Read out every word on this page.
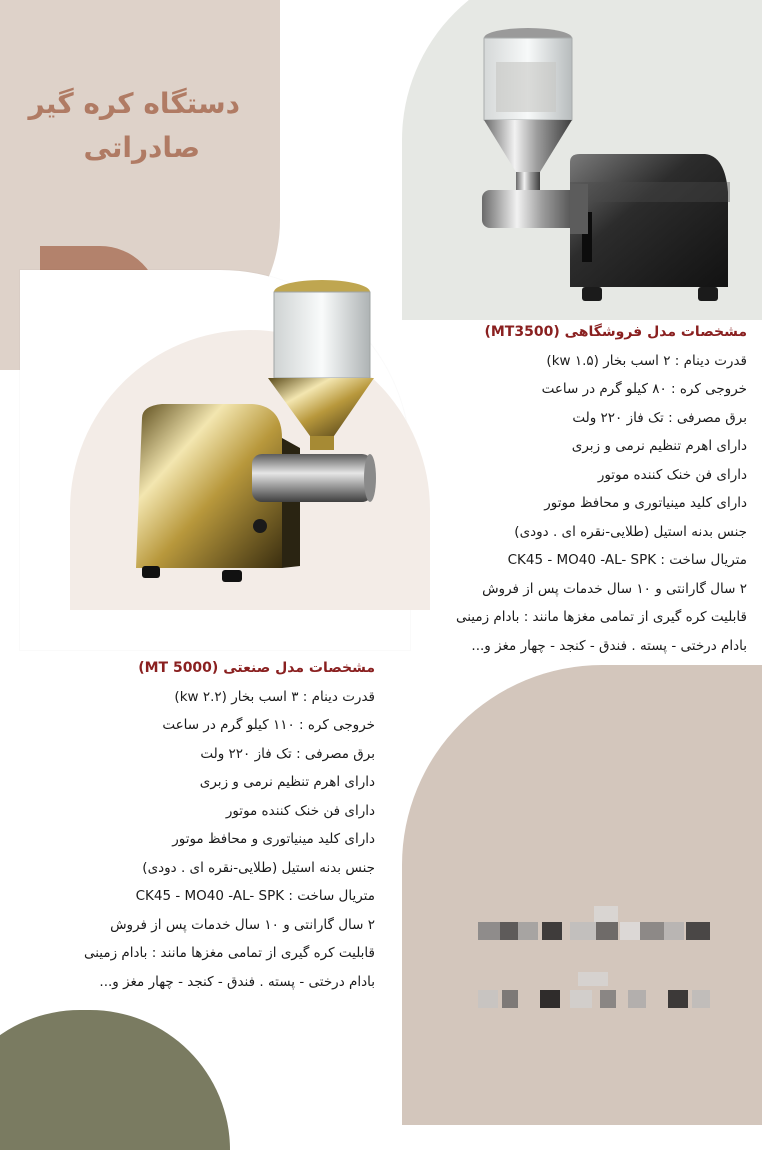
دستگاه کره گیر
صادراتی
مشخصات مدل فروشگاهی (MT3500)
قدرت دینام : ۲ اسب بخار (kw ۱.۵)
خروجی کره : ۸۰ کیلو گرم در ساعت
برق مصرفی : تک فاز ۲۲۰ ولت
دارای اهرم تنظیم نرمی و زبری
دارای فن خنک کننده موتور
دارای کلید مینیاتوری و محافظ موتور
جنس بدنه استیل (طلایی-نقره ای . دودی)
متریال ساخت : CK45 - MO40 -AL- SPK
۲ سال گارانتی و ۱۰ سال خدمات پس از فروش
قابلیت کره گیری از تمامی مغزها مانند : بادام زمینی
بادام درختی - پسته . فندق - کنجد - چهار مغز و...
مشخصات مدل صنعتی (MT 5000)
قدرت دینام : ۳ اسب بخار (kw ۲.۲)
خروجی کره : ۱۱۰ کیلو گرم در ساعت
برق مصرفی : تک فاز ۲۲۰ ولت
دارای اهرم تنظیم نرمی و زبری
دارای فن خنک کننده موتور
دارای کلید مینیاتوری و محافظ موتور
جنس بدنه استیل (طلایی-نقره ای . دودی)
متریال ساخت : CK45 - MO40 -AL- SPK
۲ سال گارانتی و ۱۰ سال خدمات پس از فروش
قابلیت کره گیری از تمامی مغزها مانند : بادام زمینی
بادام درختی - پسته . فندق - کنجد - چهار مغز و...
